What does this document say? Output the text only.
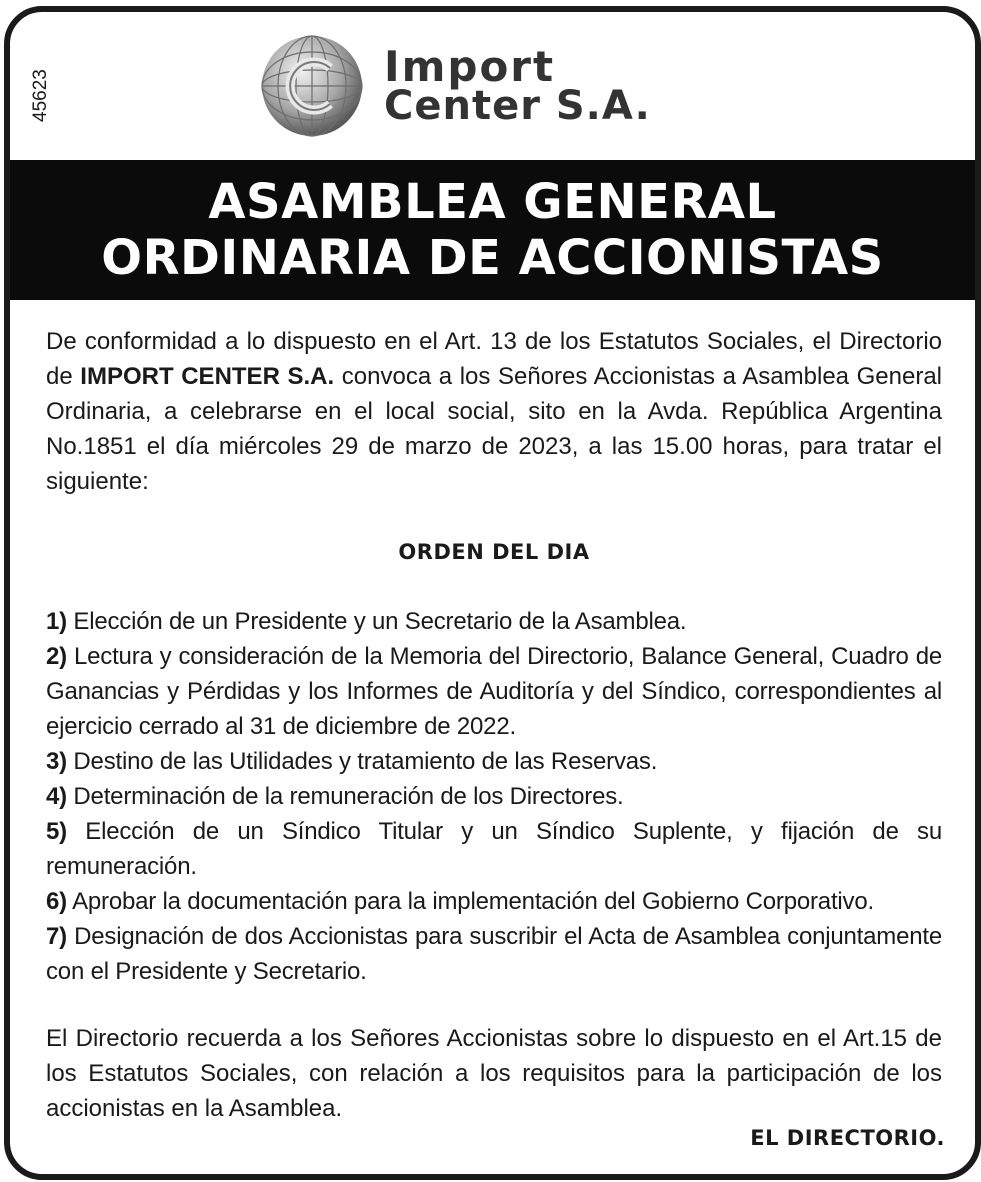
45623
Import
Center S.A.
ASAMBLEA GENERAL
ORDINARIA DE ACCIONISTAS

De conformidad a lo dispuesto en el Art. 13 de los Estatutos Sociales, el Directorio de IMPORT CENTER S.A. convoca a los Señores Accionistas a Asamblea General Ordinaria, a celebrarse en el local social, sito en la Avda. República Argentina No.1851 el día miércoles 29 de marzo de 2023, a las 15.00 horas, para tratar el siguiente:

ORDEN DEL DIA
1) Elección de un Presidente y un Secretario de la Asamblea.
2) Lectura y consideración de la Memoria del Directorio, Balance General, Cuadro de Ganancias y Pérdidas y los Informes de Auditoría y del Síndico, correspondientes al ejercicio cerrado al 31 de diciembre de 2022.
3) Destino de las Utilidades y tratamiento de las Reservas.
4) Determinación de la remuneración de los Directores.
5) Elección de un Síndico Titular y un Síndico Suplente, y fijación de su remuneración.
6) Aprobar la documentación para la implementación del Gobierno Corporativo.
7) Designación de dos Accionistas para suscribir el Acta de Asamblea conjuntamente con el Presidente y Secretario.

El Directorio recuerda a los Señores Accionistas sobre lo dispuesto en el Art.15 de los Estatutos Sociales, con relación a los requisitos para la participación de los accionistas en la Asamblea.

EL DIRECTORIO.
